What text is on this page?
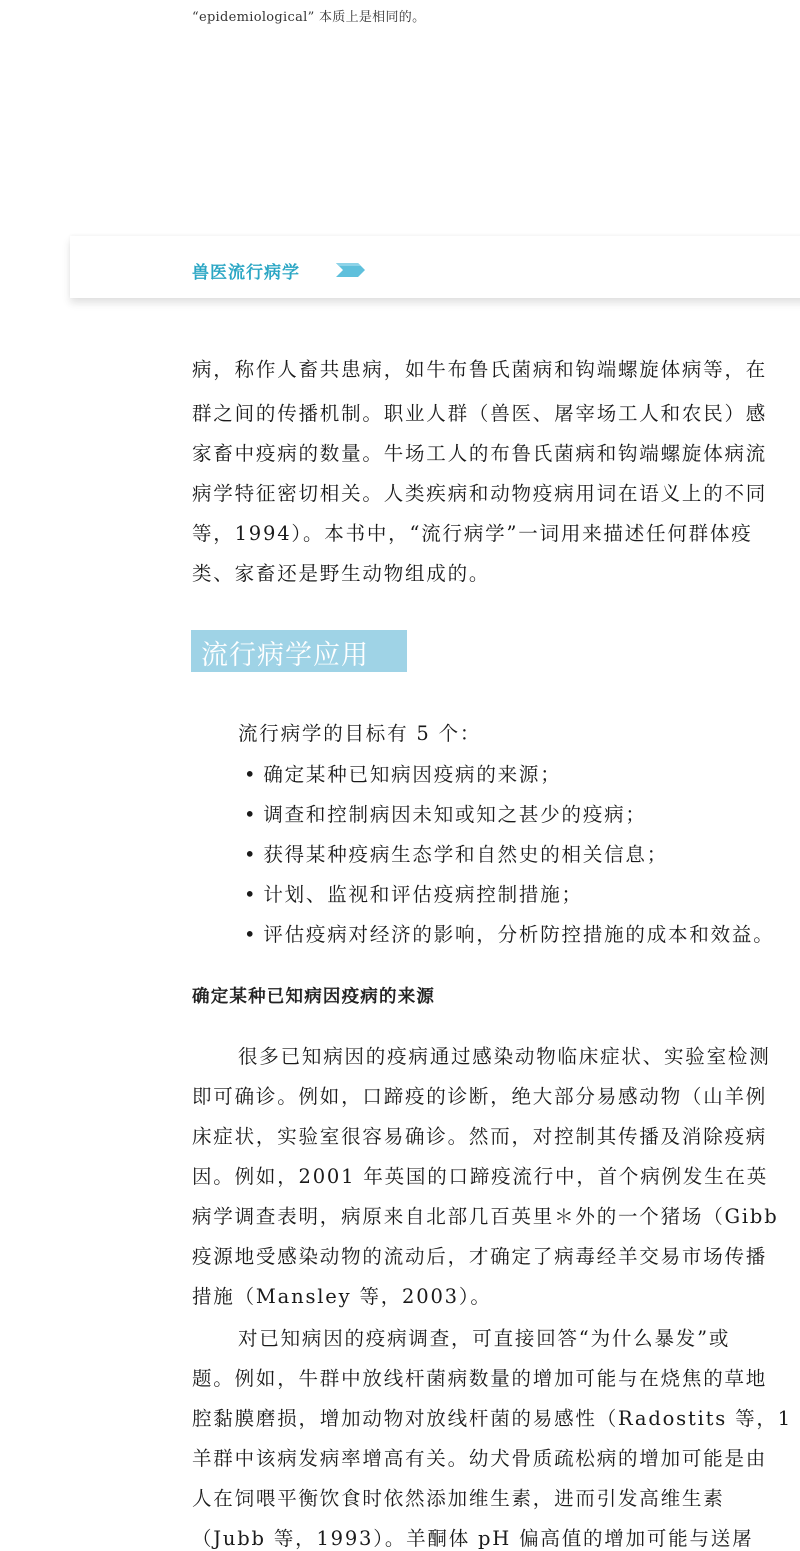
“epidemiological” 本质上是相同的。
兽医流行病学
病，称作人畜共患病，如牛布鲁氏菌病和钩端螺旋体病等，在
群之间的传播机制。职业人群（兽医、屠宰场工人和农民）感
家畜中疫病的数量。牛场工人的布鲁氏菌病和钩端螺旋体病流
病学特征密切相关。人类疾病和动物疫病用词在语义上的不同
等，1994）。本书中，“流行病学”一词用来描述任何群体疫
类、家畜还是野生动物组成的。
流行病学应用
流行病学的目标有 5 个：
• 确定某种已知病因疫病的来源；
• 调查和控制病因未知或知之甚少的疫病；
• 获得某种疫病生态学和自然史的相关信息；
• 计划、监视和评估疫病控制措施；
• 评估疫病对经济的影响，分析防控措施的成本和效益。
确定某种已知病因疫病的来源
很多已知病因的疫病通过感染动物临床症状、实验室检测
即可确诊。例如，口蹄疫的诊断，绝大部分易感动物（山羊例
床症状，实验室很容易确诊。然而，对控制其传播及消除疫病
因。例如，2001 年英国的口蹄疫流行中，首个病例发生在英
病学调查表明，病原来自北部几百英里＊外的一个猪场（Gibb
疫源地受感染动物的流动后，才确定了病毒经羊交易市场传播
措施（Mansley 等，2003）。
对已知病因的疫病调查，可直接回答“为什么暴发”或
题。例如，牛群中放线杆菌病数量的增加可能与在烧焦的草地
腔黏膜磨损，增加动物对放线杆菌的易感性（Radostits 等，1
羊群中该病发病率增高有关。幼犬骨质疏松病的增加可能是由
人在饲喂平衡饮食时依然添加维生素，进而引发高维生素
（Jubb 等，1993）。羊酮体 pH 偏高值的增加可能与送屠
